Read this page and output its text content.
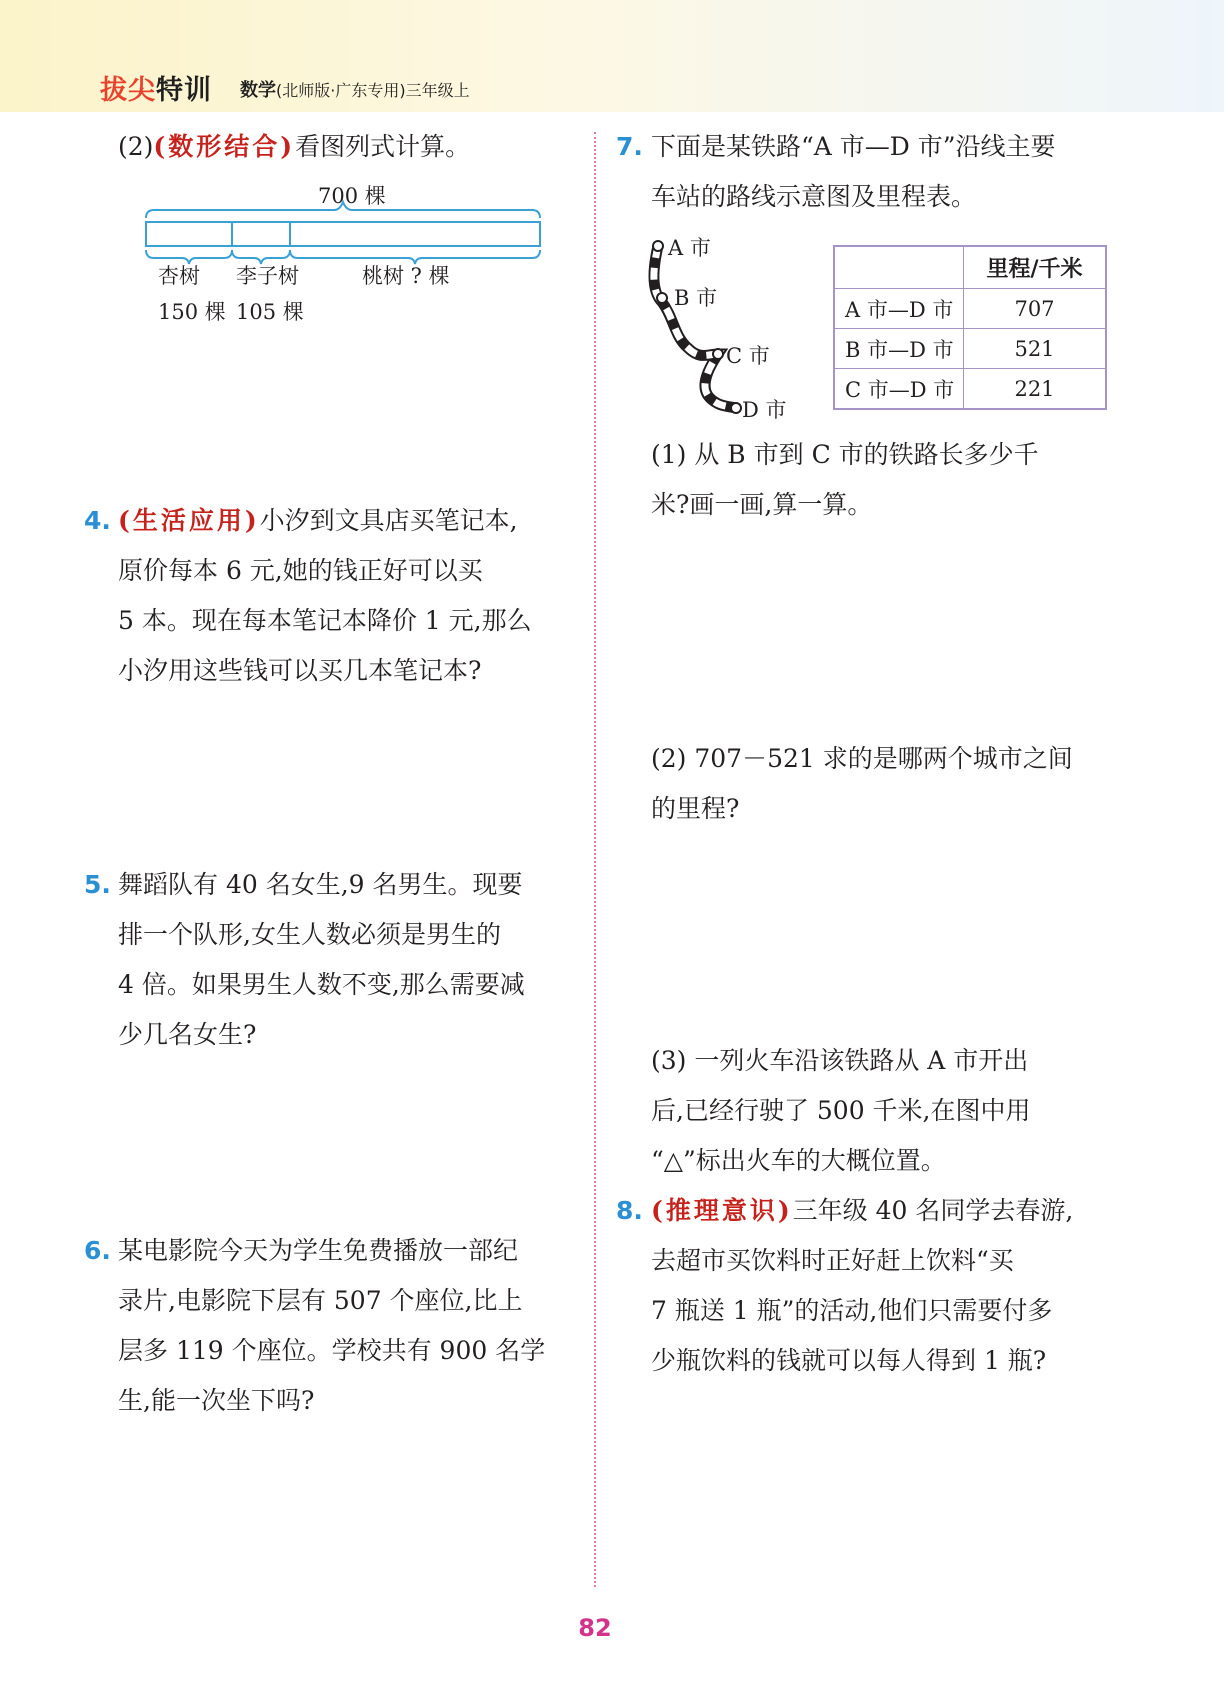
拔尖特训 数学(北师版·广东专用)三年级上
(2)(数形结合)看图列式计算。
700 棵
杏树
150 棵
李子树
105 棵
桃树 ? 棵
4. (生活应用)小汐到文具店买笔记本,
原价每本 6 元,她的钱正好可以买
5 本。现在每本笔记本降价 1 元,那么
小汐用这些钱可以买几本笔记本?
5. 舞蹈队有 40 名女生,9 名男生。现要
排一个队形,女生人数必须是男生的
4 倍。如果男生人数不变,那么需要减
少几名女生?
6. 某电影院今天为学生免费播放一部纪
录片,电影院下层有 507 个座位,比上
层多 119 个座位。学校共有 900 名学
生,能一次坐下吗?
7. 下面是某铁路“A 市—D 市”沿线主要
车站的路线示意图及里程表。
A 市
B 市
C 市
D 市
	里程/千米
A 市—D 市	707
B 市—D 市	521
C 市—D 市	221
(1) 从 B 市到 C 市的铁路长多少千
米?画一画,算一算。
(2) 707－521 求的是哪两个城市之间
的里程?
(3) 一列火车沿该铁路从 A 市开出
后,已经行驶了 500 千米,在图中用
“△”标出火车的大概位置。
8. (推理意识)三年级 40 名同学去春游,
去超市买饮料时正好赶上饮料“买
7 瓶送 1 瓶”的活动,他们只需要付多
少瓶饮料的钱就可以每人得到 1 瓶?
82
